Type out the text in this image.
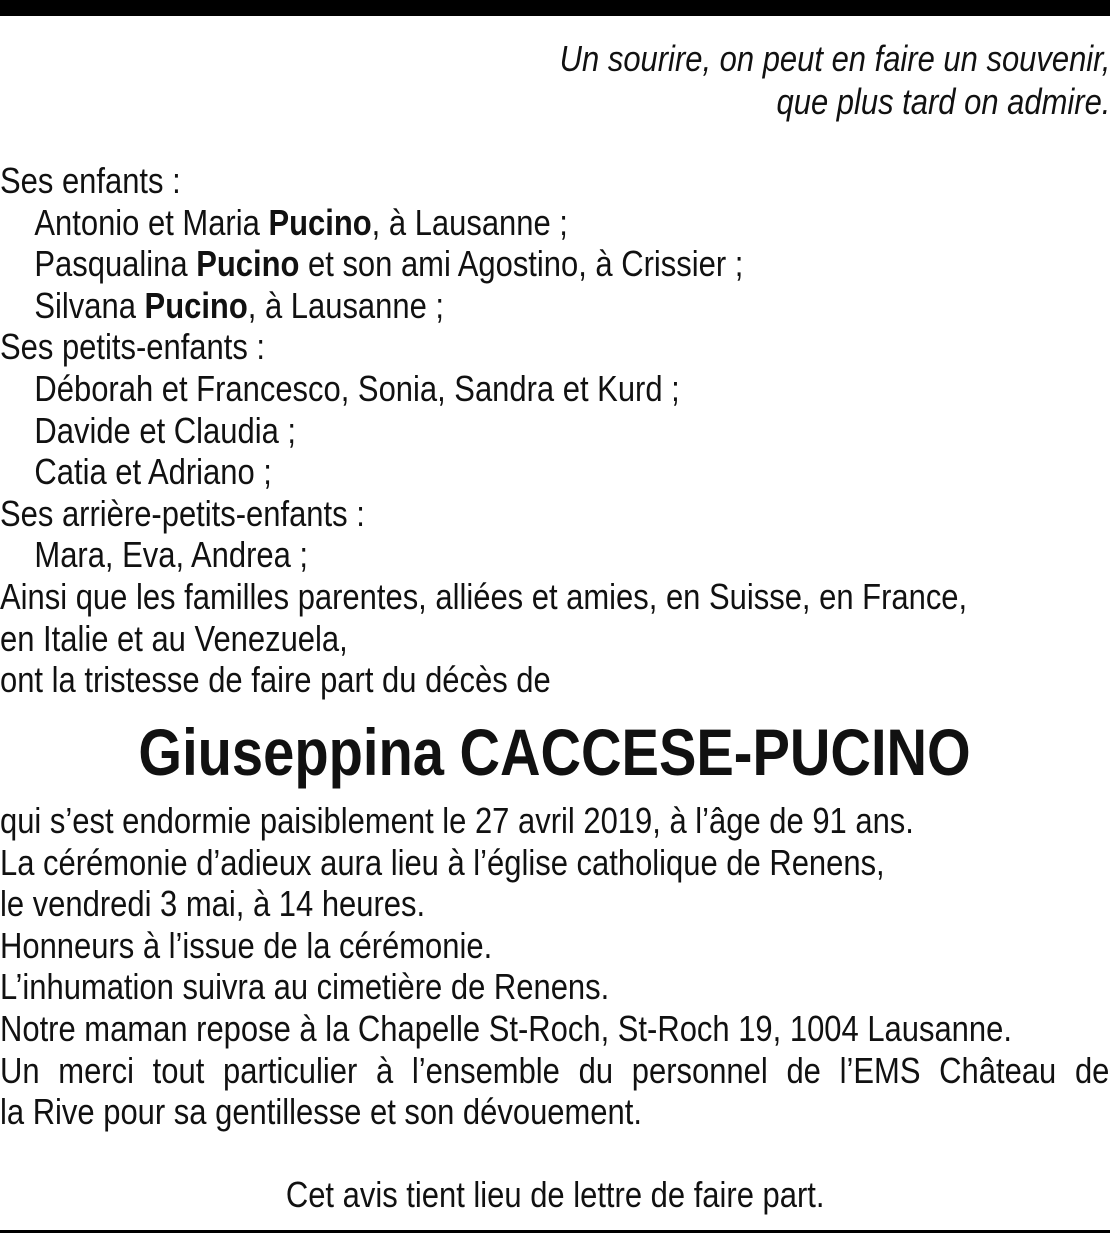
Un sourire, on peut en faire un souvenir,
que plus tard on admire.
Ses enfants :
Antonio et Maria Pucino, à Lausanne ;
Pasqualina Pucino et son ami Agostino, à Crissier ;
Silvana Pucino, à Lausanne ;
Ses petits-enfants :
Déborah et Francesco, Sonia, Sandra et Kurd ;
Davide et Claudia ;
Catia et Adriano ;
Ses arrière-petits-enfants :
Mara, Eva, Andrea ;
Ainsi que les familles parentes, alliées et amies, en Suisse, en France,
en Italie et au Venezuela,
ont la tristesse de faire part du décès de
Giuseppina CACCESE-PUCINO
qui s’est endormie paisiblement le 27 avril 2019, à l’âge de 91 ans.
La cérémonie d’adieux aura lieu à l’église catholique de Renens,
le vendredi 3 mai, à 14 heures.
Honneurs à l’issue de la cérémonie.
L’inhumation suivra au cimetière de Renens.
Notre maman repose à la Chapelle St-Roch, St-Roch 19, 1004 Lausanne.
Un merci tout particulier à l’ensemble du personnel de l’EMS Château de
la Rive pour sa gentillesse et son dévouement.
Cet avis tient lieu de lettre de faire part.
